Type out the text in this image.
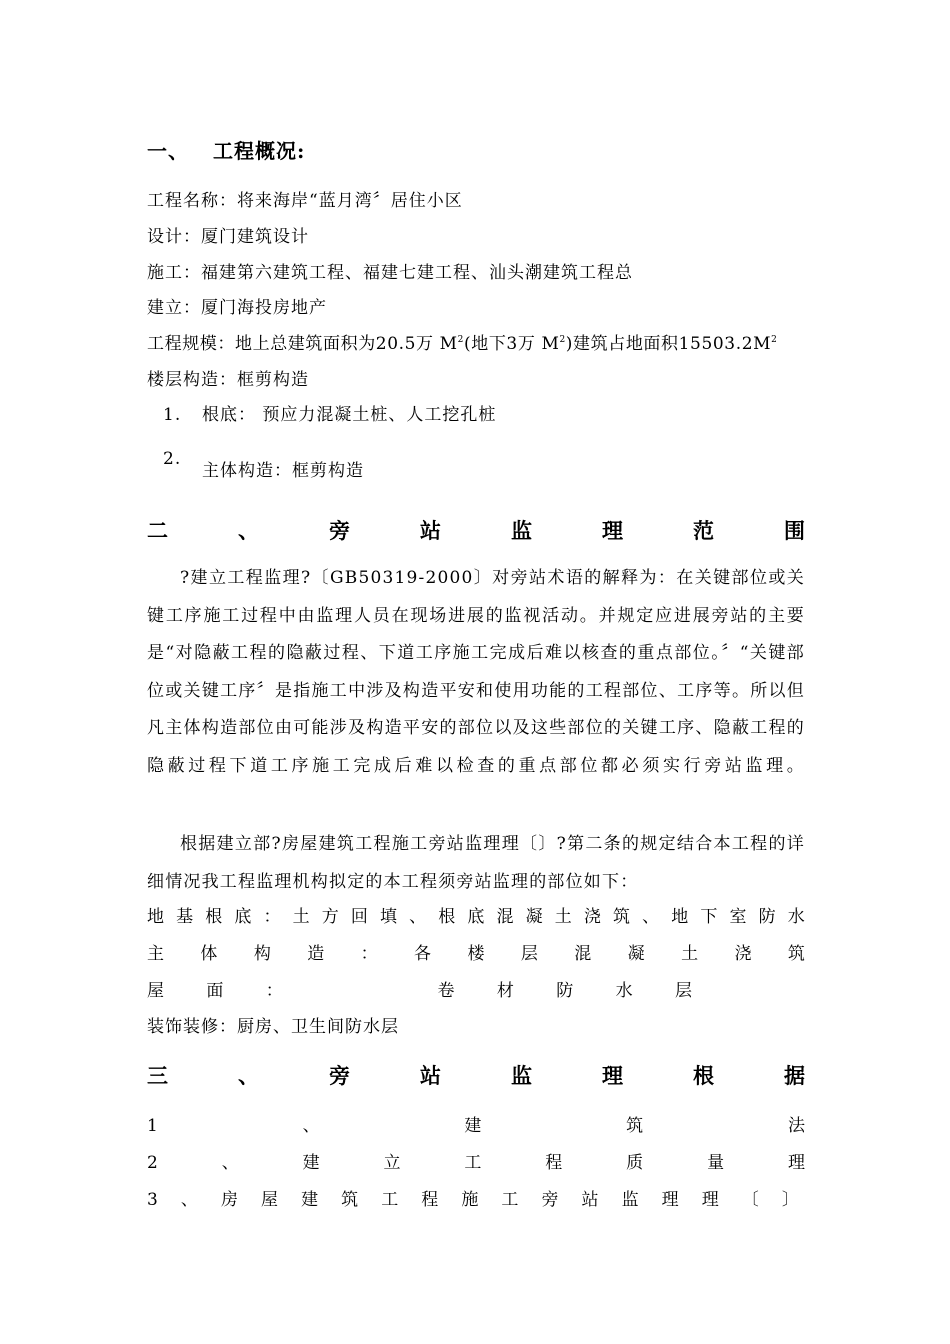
一、 工程概况:
工程名称：将来海岸“蓝月湾〞居住小区
设计：厦门建筑设计
施工：福建第六建筑工程、福建七建工程、汕头潮建筑工程总
建立：厦门海投房地产
工程规模：地上总建筑面积为20.5万 $M^2$(地下3万 $M^2$)建筑占地面积$15503.2M^2$
楼层构造：框剪构造
1. 根底： 预应力混凝土桩、人工挖孔桩
2.
主体构造：框剪构造
二	、	旁	站	监	理	范	围
?建立工程监理?〔GB50319-2000〕对旁站术语的解释为：在关键部位或关键工序施工过程中由监理人员在现场进展的监视活动。并规定应进展旁站的主要是“对隐蔽工程的隐蔽过程、下道工序施工完成后难以核查的重点部位。〞“关键部位或关键工序〞是指施工中涉及构造平安和使用功能的工程部位、工序等。所以但凡主体构造部位由可能涉及构造平安的部位以及这些部位的关键工序、隐蔽工程的隐蔽过程下道工序施工完成后难以检查的重点部位都必须实行旁站监理。
根据建立部?房屋建筑工程施工旁站监理理〔〕?第二条的规定结合本工程的详细情况我工程监理机构拟定的本工程须旁站监理的部位如下：
地 基 根 底 ： 土 方 回 填 、 根 底 混 凝 土 浇 筑 、 地 下 室 防 水
主 体 构 造 ： 各 楼 层 混 凝 土 浇 筑
屋 面 ：	卷 材 防 水 层
装饰装修：厨房、卫生间防水层
三	、	旁	站	监	理	根	据
1	、	建	筑	法
2	、	建	立	工	程	质	量	理
3 、 房 屋 建 筑 工 程 施 工 旁 站 监 理 理 〔 〕
